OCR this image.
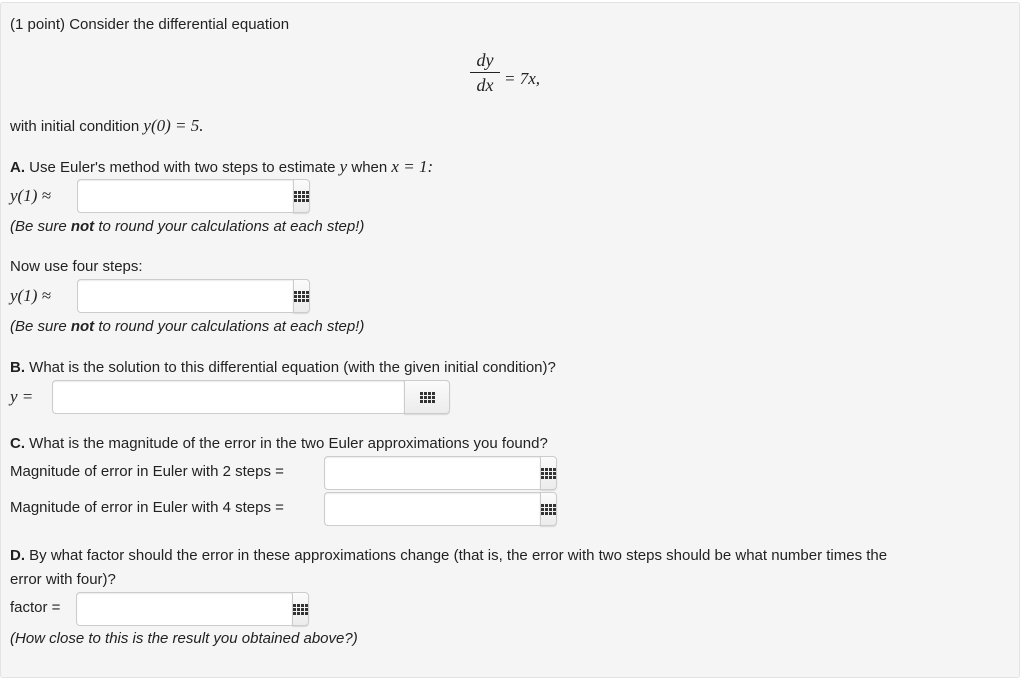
(1 point) Consider the differential equation
dy
dx = 7x,
with initial condition y(0) = 5.
A. Use Euler's method with two steps to estimate y when x = 1:
y(1) ≈
(Be sure not to round your calculations at each step!)
Now use four steps:
y(1) ≈
(Be sure not to round your calculations at each step!)
B. What is the solution to this differential equation (with the given initial condition)?
y =
C. What is the magnitude of the error in the two Euler approximations you found?
Magnitude of error in Euler with 2 steps =
Magnitude of error in Euler with 4 steps =
D. By what factor should the error in these approximations change (that is, the error with two steps should be what number times the
error with four)?
factor =
(How close to this is the result you obtained above?)
